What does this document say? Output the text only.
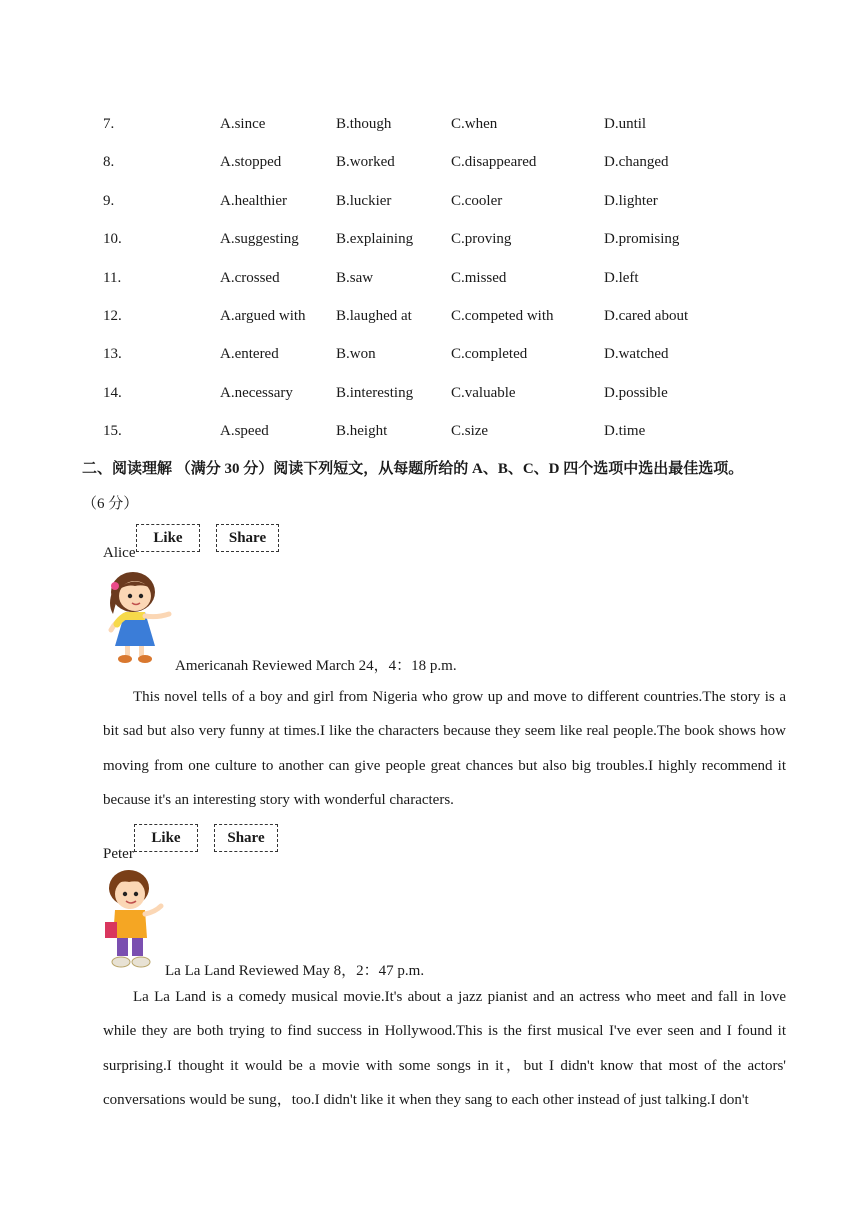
7.	A.since	B.though	C.when	D.until
8.	A.stopped	B.worked	C.disappeared	D.changed
9.	A.healthier	B.luckier	C.cooler	D.lighter
10.	A.suggesting B.explaining	C.proving	D.promising
11.	A.crossed	B.saw	C.missed	D.left
12.	A.argued with B.laughed at	C.competed with	D.cared about
13.	A.entered	B.won	C.completed	D.watched
14.	A.necessary	B.interesting	C.valuable	D.possible
15.	A.speed	B.height	C.size	D.time
二、阅读理解 （满分 30 分）阅读下列短文，从每题所给的 A、B、C、D 四个选项中选出最佳选项。
（6 分）
Like	Share
Alice
Americanah Reviewed March 24，4：18 p.m.
This novel tells of a boy and girl from Nigeria who grow up and move to different countries.The story is a bit sad but also very funny at times.I like the characters because they seem like real people.The book shows how moving from one culture to another can give people great chances but also big troubles.I highly recommend it because it's an interesting story with wonderful characters.
Like	Share
Peter
La La Land Reviewed May 8，2：47 p.m.
La La Land is a comedy musical movie.It's about a jazz pianist and an actress who meet and fall in love while they are both trying to find success in Hollywood.This is the first musical I've ever seen and I found it surprising.I thought it would be a movie with some songs in it，but I didn't know that most of the actors' conversations would be sung，too.I didn't like it when they sang to each other instead of just talking.I don't
